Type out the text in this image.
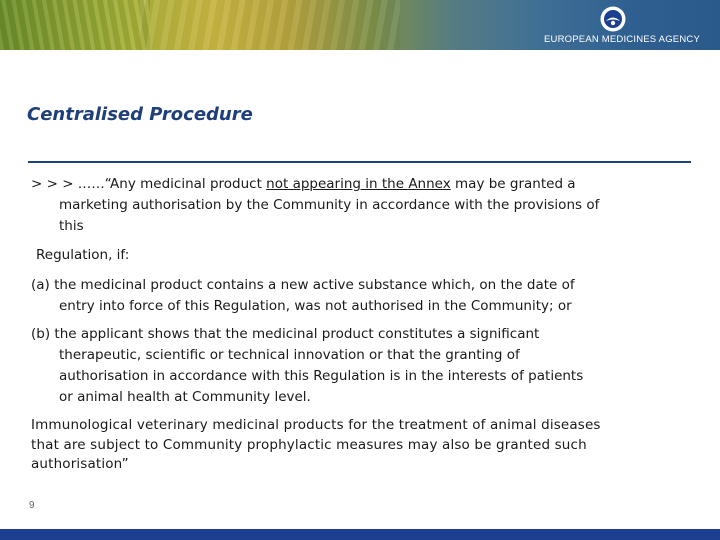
EUROPEAN MEDICINES AGENCY
Centralised Procedure
> > > ……“Any medicinal product not appearing in the Annex may be granted a
marketing authorisation by the Community in accordance with the provisions of
this
Regulation, if:
(a) the medicinal product contains a new active substance which, on the date of
entry into force of this Regulation, was not authorised in the Community; or
(b) the applicant shows that the medicinal product constitutes a significant
therapeutic, scientific or technical innovation or that the granting of
authorisation in accordance with this Regulation is in the interests of patients
or animal health at Community level.
Immunological veterinary medicinal products for the treatment of animal diseases
that are subject to Community prophylactic measures may also be granted such
authorisation”
9
